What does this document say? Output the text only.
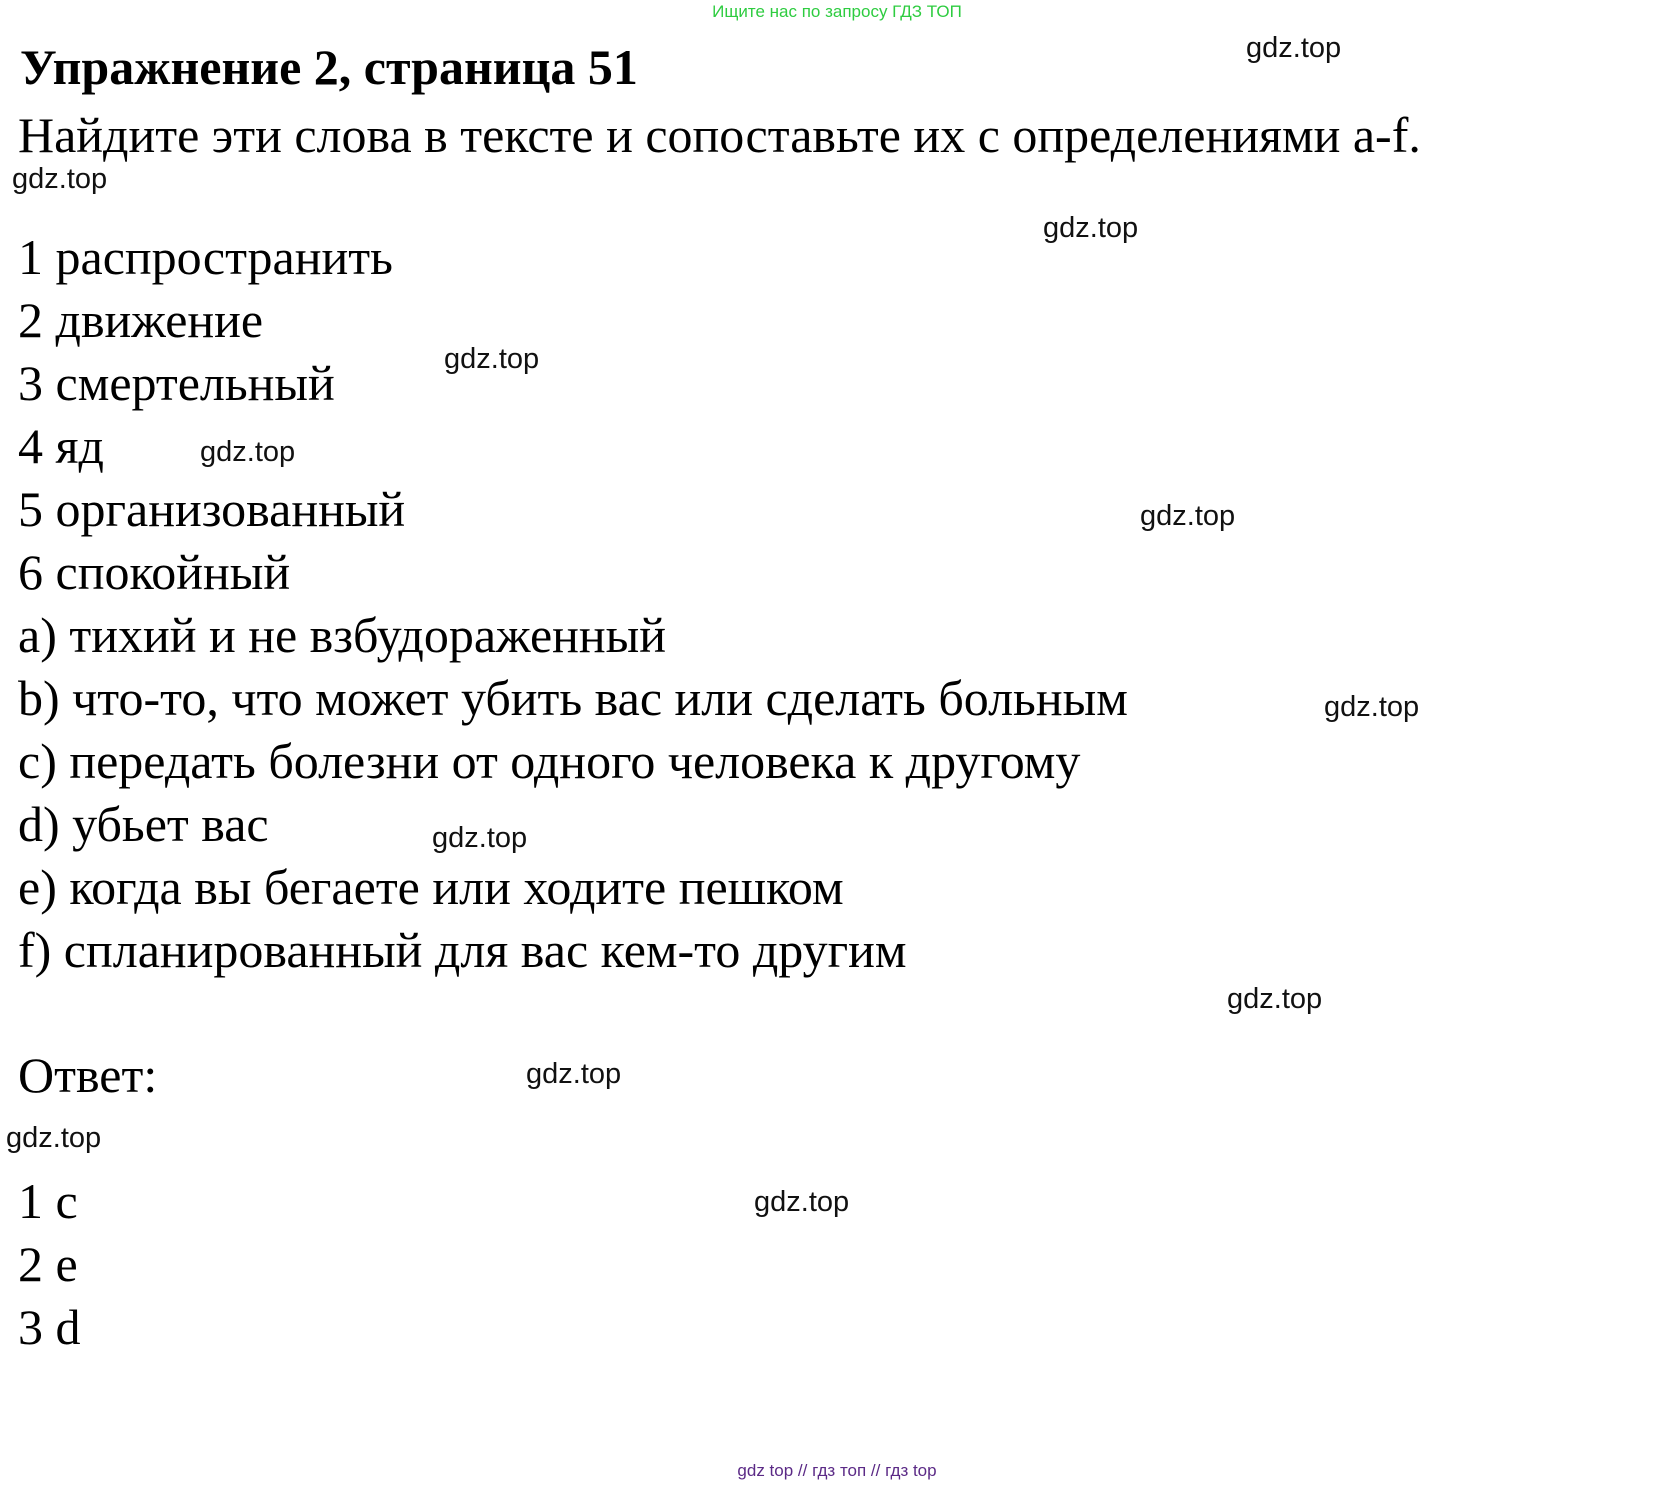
Ищите нас по запросу ГДЗ ТОП
Упражнение 2, страница 51
Найдите эти слова в тексте и сопоставьте их с определениями a-f.
1 распространить
2 движение
3 смертельный
4 яд
5 организованный
6 спокойный
a) тихий и не взбудораженный
b) что-то, что может убить вас или сделать больным
c) передать болезни от одного человека к другому
d) убьет вас
e) когда вы бегаете или ходите пешком
f) спланированный для вас кем-то другим
Ответ:
1 c
2 e
3 d
gdz.top
gdz.top
gdz.top
gdz.top
gdz.top
gdz.top
gdz.top
gdz.top
gdz.top
gdz.top
gdz.top
gdz.top
gdz top // гдз топ // гдз top
